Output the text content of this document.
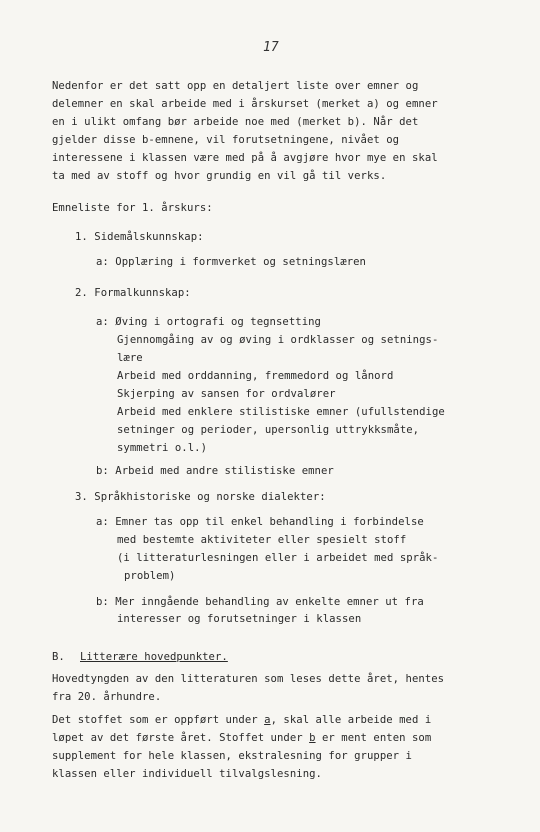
17
Nedenfor er det satt opp en detaljert liste over emner og
delemner en skal arbeide med i årskurset (merket a) og emner
en i ulikt omfang bør arbeide noe med (merket b). Når det
gjelder disse b-emnene, vil forutsetningene, nivået og
interessene i klassen være med på å avgjøre hvor mye en skal
ta med av stoff og hvor grundig en vil gå til verks.
Emneliste for 1. årskurs:
1. Sidemålskunnskap:
a: Opplæring i formverket og setningslæren
2. Formalkunnskap:
a: Øving i ortografi og tegnsetting
Gjennomgåing av og øving i ordklasser og setnings-
lære
Arbeid med orddanning, fremmedord og lånord
Skjerping av sansen for ordvalører
Arbeid med enklere stilistiske emner (ufullstendige
setninger og perioder, upersonlig uttrykksmåte,
symmetri o.l.)
b: Arbeid med andre stilistiske emner
3. Språkhistoriske og norske dialekter:
a: Emner tas opp til enkel behandling i forbindelse
med bestemte aktiviteter eller spesielt stoff
(i litteraturlesningen eller i arbeidet med språk-
problem)
b: Mer inngående behandling av enkelte emner ut fra
interesser og forutsetninger i klassen
B. Litterære hovedpunkter.
Hovedtyngden av den litteraturen som leses dette året, hentes
fra 20. århundre.
Det stoffet som er oppført under a, skal alle arbeide med i
løpet av det første året. Stoffet under b er ment enten som
supplement for hele klassen, ekstralesning for grupper i
klassen eller individuell tilvalgslesning.
